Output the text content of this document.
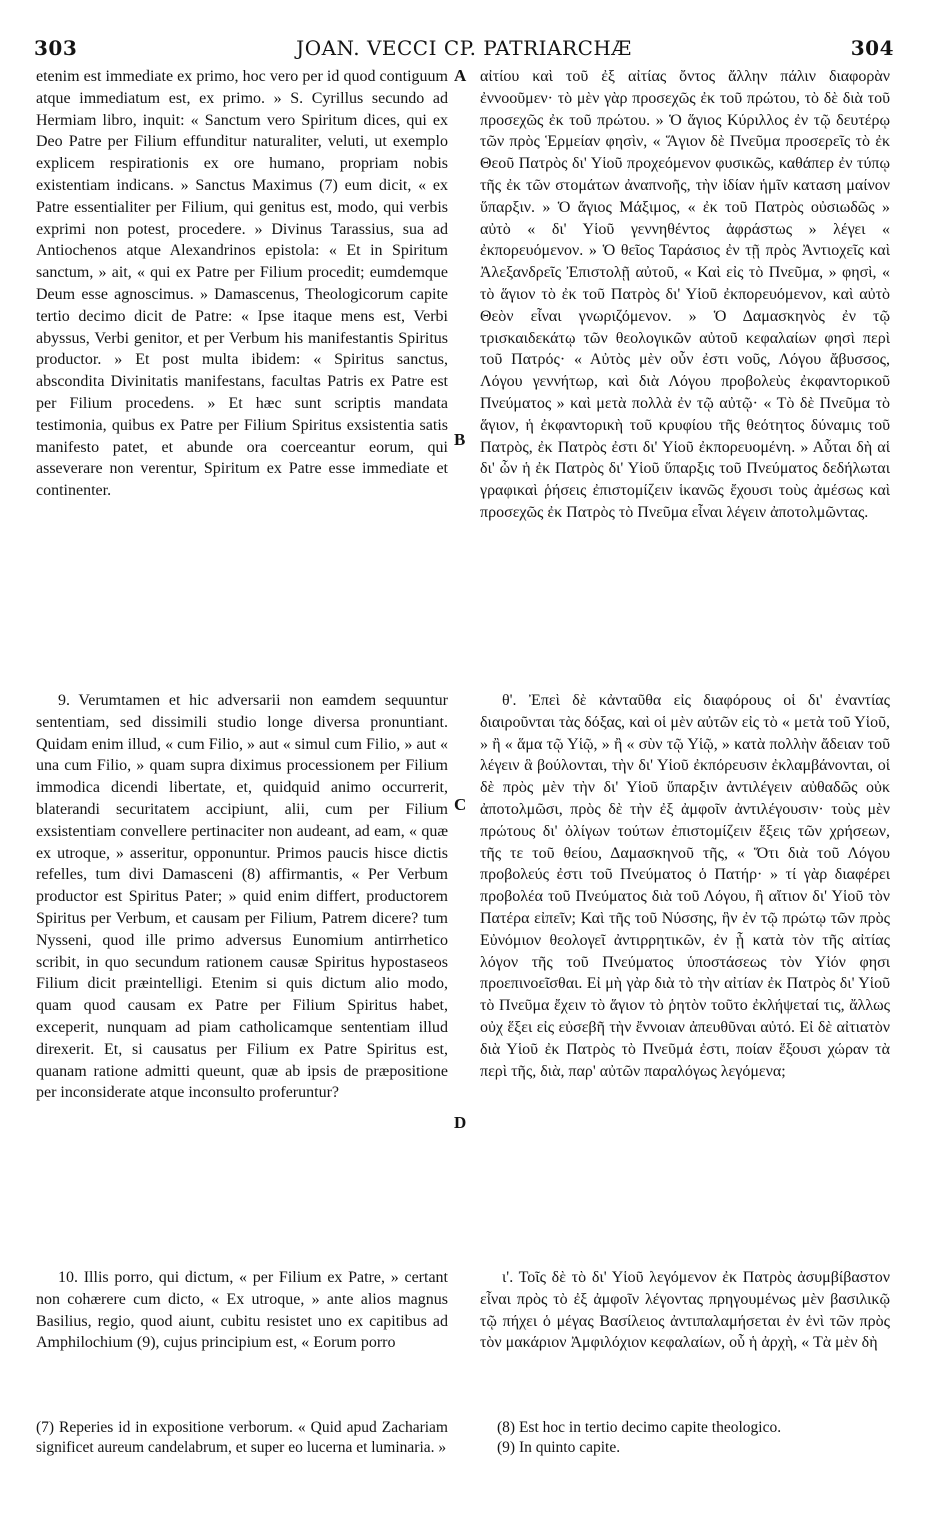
303	JOAN. VECCI CP. PATRIARCHÆ	304

etenim est immediate ex primo, hoc vero per id quod contiguum atque immediatum est, ex primo. » S. Cyrillus secundo ad Hermiam libro, inquit: « Sanctum vero Spiritum dices, qui ex Deo Patre per Filium effunditur naturaliter, veluti, ut exemplo explicem respirationis ex ore humano, propriam nobis existentiam indicans. » Sanctus Maximus (7) eum dicit, « ex Patre essentialiter per Filium, qui genitus est, modo, qui verbis exprimi non potest, procedere. » Divinus Tarassius, sua ad Antiochenos atque Alexandrinos epistola: « Et in Spiritum sanctum, » ait, « qui ex Patre per Filium procedit; eumdemque Deum esse agnoscimus. » Damascenus, Theologicorum capite tertio decimo dicit de Patre: « Ipse itaque mens est, Verbi abyssus, Verbi genitor, et per Verbum his manifestantis Spiritus productor. » Et post multa ibidem: « Spiritus sanctus, abscondita Divinitatis manifestans, facultas Patris ex Patre est per Filium procedens. » Et hæc sunt scriptis mandata testimonia, quibus ex Patre per Filium Spiritus exsistentia satis manifesto patet, et abunde ora coerceantur eorum, qui asseverare non verentur, Spiritum ex Patre esse immediate et continenter.

9. Verumtamen et hic adversarii non eamdem sequuntur sententiam, sed dissimili studio longe diversa pronuntiant. Quidam enim illud, « cum Filio, » aut « simul cum Filio, » aut « una cum Filio, » quam supra diximus processionem per Filium immodica dicendi libertate, et, quidquid animo occurrerit, blaterandi securitatem accipiunt, alii, cum per Filium exsistentiam convellere pertinaciter non audeant, ad eam, « quæ ex utroque, » asseritur, opponuntur. Primos paucis hisce dictis refelles, tum divi Damasceni (8) affirmantis, « Per Verbum productor est Spiritus Pater; » quid enim differt, productorem Spiritus per Verbum, et causam per Filium, Patrem dicere? tum Nysseni, quod ille primo adversus Eunomium antirrhetico scribit, in quo secundum rationem causæ Spiritus hypostaseos Filium dicit præintelligi. Etenim si quis dictum alio modo, quam quod causam ex Patre per Filium Spiritus habet, exceperit, nunquam ad piam catholicamque sententiam illud direxerit. Et, si causatus per Filium ex Patre Spiritus est, quanam ratione admitti queunt, quæ ab ipsis de præpositione per inconsiderate atque inconsulto proferuntur?

10. Illis porro, qui dictum, « per Filium ex Patre, » certant non cohærere cum dicto, « Ex utroque, » ante alios magnus Basilius, regio, quod aiunt, cubitu resistet uno ex capitibus ad Amphilochium (9), cujus principium est, « Eorum porro

αἰτίου καὶ τοῦ ἐξ αἰτίας ὄντος ἄλλην πάλιν διαφορὰν ἐννοοῦμεν· τὸ μὲν γὰρ προσεχῶς ἐκ τοῦ πρώτου, τὸ δὲ διὰ τοῦ προσεχῶς ἐκ τοῦ πρώτου. » Ὁ ἅγιος Κύριλλος ἐν τῷ δευτέρῳ τῶν πρὸς Ἑρμείαν φησὶν, « Ἅγιον δὲ Πνεῦμα προσερεῖς τὸ ἐκ Θεοῦ Πατρὸς δι' Υἱοῦ προχεόμενον φυσικῶς, καθάπερ ἐν τύπῳ τῆς ἐκ τῶν στομάτων ἀναπνοῆς, τὴν ἰδίαν ἡμῖν καταση μαίνον ὕπαρξιν. » Ὁ ἅγιος Μάξιμος, « ἐκ τοῦ Πατρὸς οὐσιωδῶς » αὐτὸ « δι' Υἱοῦ γεννηθέντος ἀφράστως » λέγει « ἐκπορευόμενον. » Ὁ θεῖος Ταράσιος ἐν τῇ πρὸς Ἀντιοχεῖς καὶ Ἀλεξανδρεῖς Ἐπιστολῇ αὐτοῦ, « Καὶ εἰς τὸ Πνεῦμα, » φησὶ, « τὸ ἅγιον τὸ ἐκ τοῦ Πατρὸς δι' Υἱοῦ ἐκπορευόμενον, καὶ αὐτὸ Θεὸν εἶναι γνωριζόμενον. » Ὁ Δαμασκηνὸς ἐν τῷ τρισκαιδεκάτῳ τῶν θεολογικῶν αὐτοῦ κεφαλαίων φησὶ περὶ τοῦ Πατρός· « Αὐτὸς μὲν οὖν ἐστι νοῦς, Λόγου ἄβυσσος, Λόγου γεννήτωρ, καὶ διὰ Λόγου προβολεὺς ἐκφαντορικοῦ Πνεύματος » καὶ μετὰ πολλὰ ἐν τῷ αὐτῷ· « Τὸ δὲ Πνεῦμα τὸ ἅγιον, ἡ ἐκφαντορικὴ τοῦ κρυφίου τῆς θεότητος δύναμις τοῦ Πατρὸς, ἐκ Πατρὸς ἐστι δι' Υἱοῦ ἐκπορευομένη. » Αὗται δὴ αἱ δι' ὧν ἡ ἐκ Πατρὸς δι' Υἱοῦ ὕπαρξις τοῦ Πνεύματος δεδήλωται γραφικαὶ ῥήσεις ἐπιστομίζειν ἱκανῶς ἔχουσι τοὺς ἀμέσως καὶ προσεχῶς ἐκ Πατρὸς τὸ Πνεῦμα εἶναι λέγειν ἀποτολμῶντας.

θ'. Ἐπεὶ δὲ κἀνταῦθα εἰς διαφόρους οἱ δι' ἐναντίας διαιροῦνται τὰς δόξας, καὶ οἱ μὲν αὐτῶν εἰς τὸ « μετὰ τοῦ Υἱοῦ, » ἢ « ἅμα τῷ Υἱῷ, » ἢ « σὺν τῷ Υἱῷ, » κατὰ πολλὴν ἄδειαν τοῦ λέγειν ἃ βούλονται, τὴν δι' Υἱοῦ ἐκπόρευσιν ἐκλαμβάνονται, οἱ δὲ πρὸς μὲν τὴν δι' Υἱοῦ ὕπαρξιν ἀντιλέγειν αὐθαδῶς οὐκ ἀποτολμῶσι, πρὸς δὲ τὴν ἐξ ἀμφοῖν ἀντιλέγουσιν· τοὺς μὲν πρώτους δι' ὀλίγων τούτων ἐπιστομίζειν ἕξεις τῶν χρήσεων, τῆς τε τοῦ θείου, Δαμασκηνοῦ τῆς, « Ὅτι διὰ τοῦ Λόγου προβολεύς ἐστι τοῦ Πνεύματος ὁ Πατήρ· » τί γὰρ διαφέρει προβολέα τοῦ Πνεύματος διὰ τοῦ Λόγου, ἢ αἴτιον δι' Υἱοῦ τὸν Πατέρα εἰπεῖν; Καὶ τῆς τοῦ Νύσσης, ἣν ἐν τῷ πρώτῳ τῶν πρὸς Εὐνόμιον θεολογεῖ ἀντιρρητικῶν, ἐν ᾗ κατὰ τὸν τῆς αἰτίας λόγον τῆς τοῦ Πνεύματος ὑποστάσεως τὸν Υἱόν φησι προεπινοεῖσθαι. Εἰ μὴ γὰρ διὰ τὸ τὴν αἰτίαν ἐκ Πατρὸς δι' Υἱοῦ τὸ Πνεῦμα ἔχειν τὸ ἅγιον τὸ ῥητὸν τοῦτο ἐκλήψεταί τις, ἄλλως οὐχ ἕξει εἰς εὐσεβῆ τὴν ἔννοιαν ἀπευθῦναι αὐτό. Εἰ δὲ αἰτιατὸν διὰ Υἱοῦ ἐκ Πατρὸς τὸ Πνεῦμά ἐστι, ποίαν ἕξουσι χώραν τὰ περὶ τῆς, διὰ, παρ' αὐτῶν παραλόγως λεγόμενα;

ι'. Τοῖς δὲ τὸ δι' Υἱοῦ λεγόμενον ἐκ Πατρὸς ἀσυμβίβαστον εἶναι πρὸς τὸ ἐξ ἀμφοῖν λέγοντας πρηγουμένως μὲν βασιλικῷ τῷ πήχει ὁ μέγας Βασίλειος ἀντιπαλαμήσεται ἐν ἑνὶ τῶν πρὸς τὸν μακάριον Ἀμφιλόχιον κεφαλαίων, οὗ ἡ ἀρχὴ, « Τὰ μὲν δὴ

A
B
C
D

(7) Reperies id in expositione verborum. « Quid apud Zachariam significet aureum candelabrum, et super eo lucerna et luminaria. »

(8) Est hoc in tertio decimo capite theologico.

(9) In quinto capite.
